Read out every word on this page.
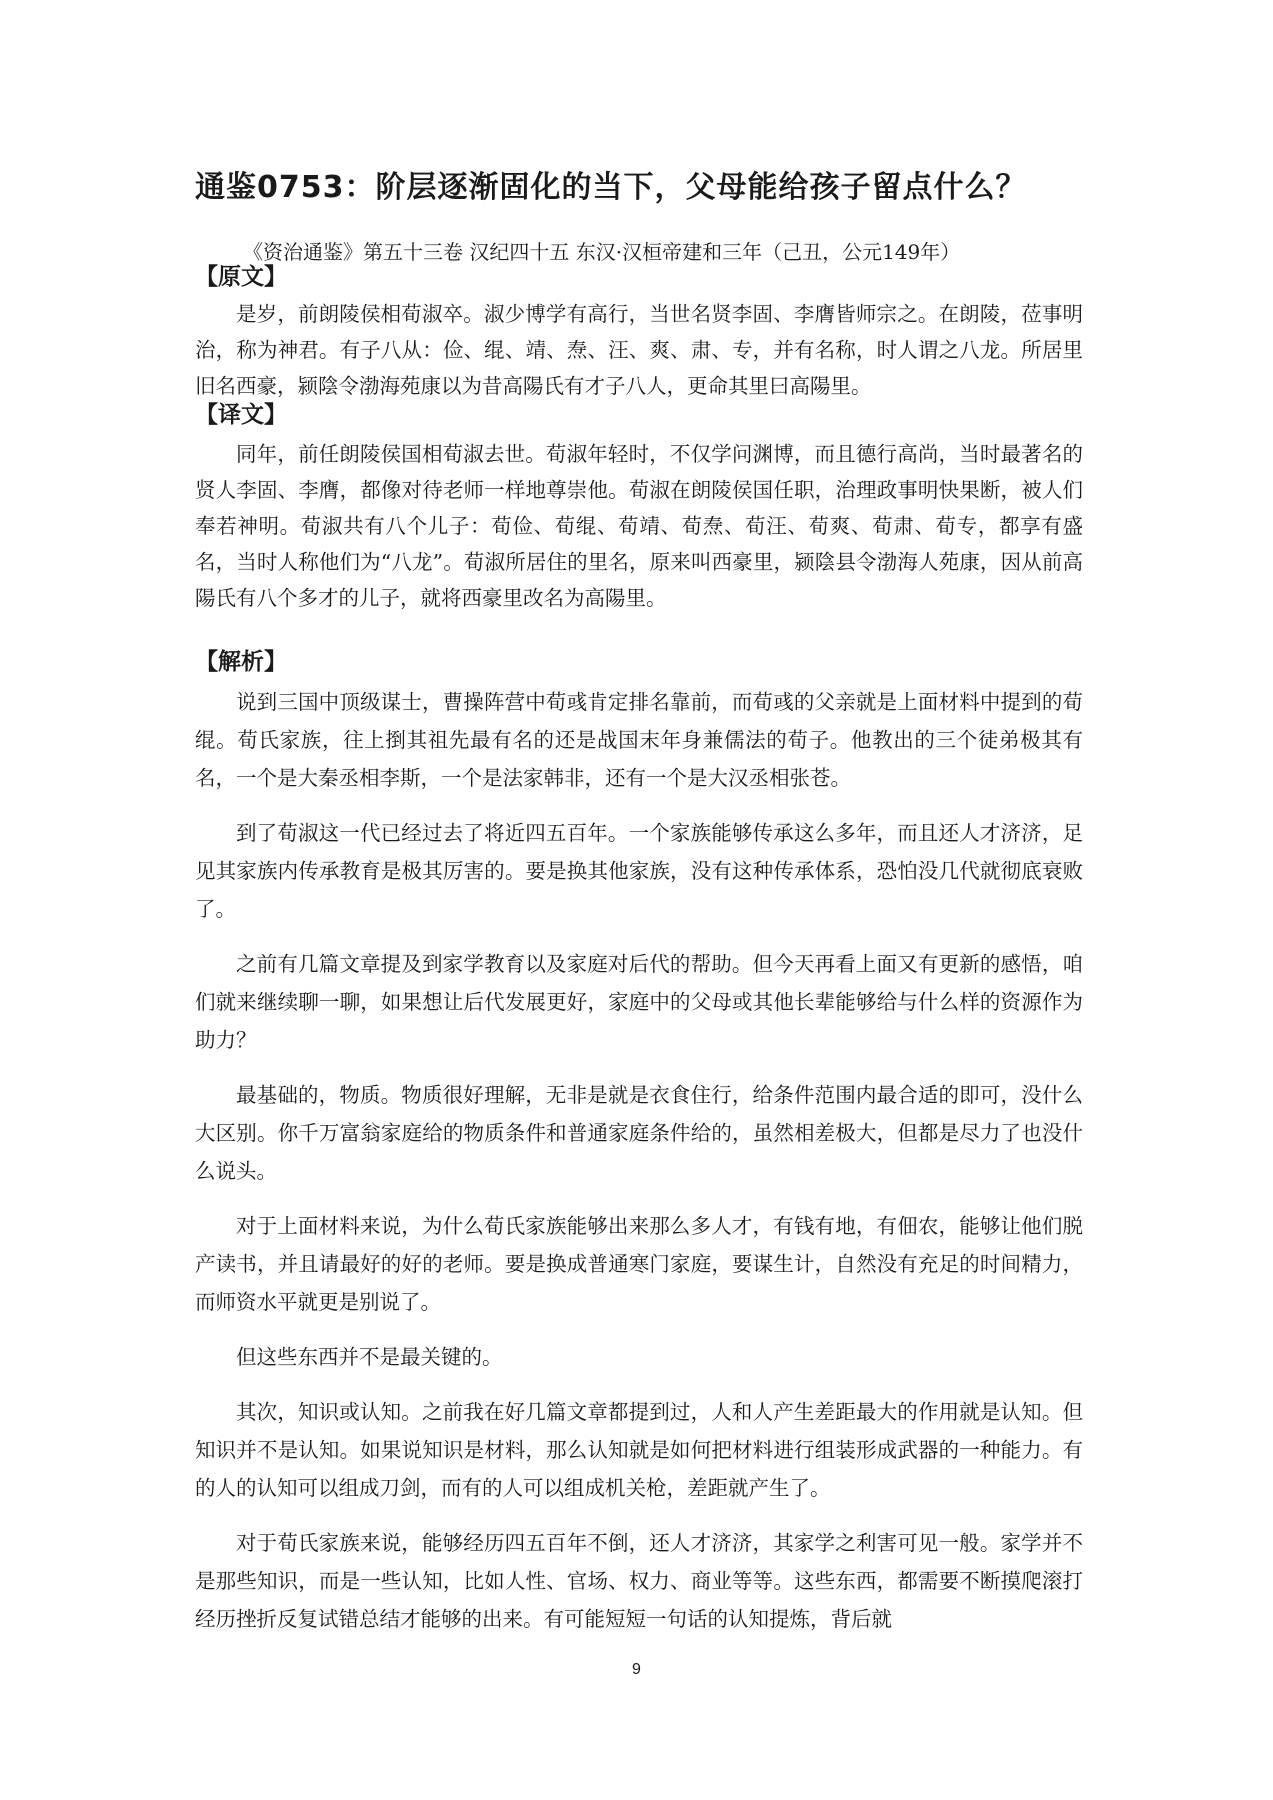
通鉴0753：阶层逐渐固化的当下，父母能给孩子留点什么？

《资治通鉴》第五十三卷 汉纪四十五 东汉·汉桓帝建和三年（己丑，公元149年）

【原文】

是岁，前朗陵侯相荀淑卒。淑少博学有高行，当世名贤李固、李膺皆师宗之。在朗陵，莅事明治，称为神君。有子八从：俭、绲、靖、焘、汪、爽、肃、专，并有名称，时人谓之八龙。所居里旧名西豪，颍陰令渤海苑康以为昔高陽氏有才子八人，更命其里曰高陽里。

【译文】

同年，前任朗陵侯国相荀淑去世。荀淑年轻时，不仅学问渊博，而且德行高尚，当时最著名的贤人李固、李膺，都像对待老师一样地尊崇他。荀淑在朗陵侯国任职，治理政事明快果断，被人们奉若神明。荀淑共有八个儿子：荀俭、荀绲、荀靖、荀焘、荀汪、荀爽、荀肃、荀专，都享有盛名，当时人称他们为“八龙”。荀淑所居住的里名，原来叫西豪里，颍陰县令渤海人苑康，因从前高陽氏有八个多才的儿子，就将西豪里改名为高陽里。

【解析】

说到三国中顶级谋士，曹操阵营中荀彧肯定排名靠前，而荀彧的父亲就是上面材料中提到的荀绲。荀氏家族，往上捯其祖先最有名的还是战国末年身兼儒法的荀子。他教出的三个徒弟极其有名，一个是大秦丞相李斯，一个是法家韩非，还有一个是大汉丞相张苍。

到了荀淑这一代已经过去了将近四五百年。一个家族能够传承这么多年，而且还人才济济，足见其家族内传承教育是极其厉害的。要是换其他家族，没有这种传承体系，恐怕没几代就彻底衰败了。

之前有几篇文章提及到家学教育以及家庭对后代的帮助。但今天再看上面又有更新的感悟，咱们就来继续聊一聊，如果想让后代发展更好，家庭中的父母或其他长辈能够给与什么样的资源作为助力？

最基础的，物质。物质很好理解，无非是就是衣食住行，给条件范围内最合适的即可，没什么大区别。你千万富翁家庭给的物质条件和普通家庭条件给的，虽然相差极大，但都是尽力了也没什么说头。

对于上面材料来说，为什么荀氏家族能够出来那么多人才，有钱有地，有佃农，能够让他们脱产读书，并且请最好的好的老师。要是换成普通寒门家庭，要谋生计，自然没有充足的时间精力，而师资水平就更是别说了。

但这些东西并不是最关键的。

其次，知识或认知。之前我在好几篇文章都提到过，人和人产生差距最大的作用就是认知。但知识并不是认知。如果说知识是材料，那么认知就是如何把材料进行组装形成武器的一种能力。有的人的认知可以组成刀剑，而有的人可以组成机关枪，差距就产生了。

对于荀氏家族来说，能够经历四五百年不倒，还人才济济，其家学之利害可见一般。家学并不是那些知识，而是一些认知，比如人性、官场、权力、商业等等。这些东西，都需要不断摸爬滚打经历挫折反复试错总结才能够的出来。有可能短短一句话的认知提炼，背后就

9
